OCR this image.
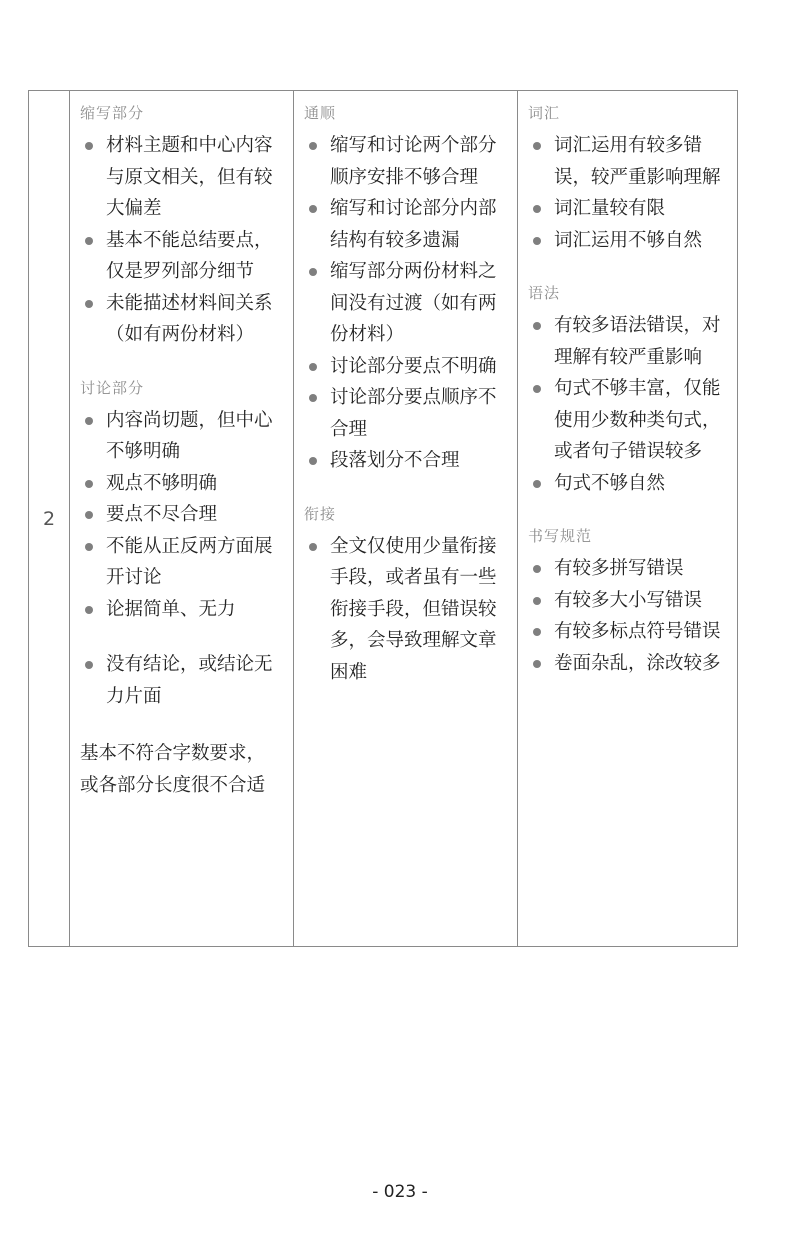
2

缩写部分

材料主题和中心内容与原文相关，但有较大偏差
基本不能总结要点，仅是罗列部分细节
未能描述材料间关系（如有两份材料）

讨论部分

内容尚切题，但中心不够明确
观点不够明确
要点不尽合理
不能从正反两方面展开讨论
论据简单、无力
没有结论，或结论无力片面

基本不符合字数要求，或各部分长度很不合适

通顺

缩写和讨论两个部分顺序安排不够合理
缩写和讨论部分内部结构有较多遗漏
缩写部分两份材料之间没有过渡（如有两份材料）
讨论部分要点不明确
讨论部分要点顺序不合理
段落划分不合理

衔接

全文仅使用少量衔接手段，或者虽有一些衔接手段，但错误较多，会导致理解文章困难

词汇

词汇运用有较多错误，较严重影响理解
词汇量较有限
词汇运用不够自然

语法

有较多语法错误，对理解有较严重影响
句式不够丰富，仅能使用少数种类句式，或者句子错误较多
句式不够自然

书写规范

有较多拼写错误
有较多大小写错误
有较多标点符号错误
卷面杂乱，涂改较多
- 023 -
